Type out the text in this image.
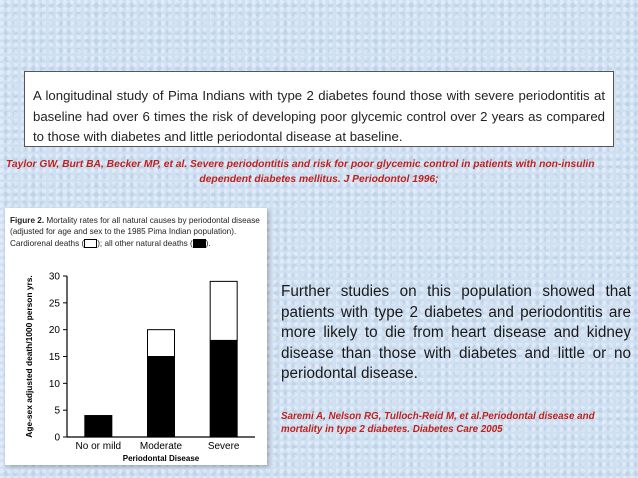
A longitudinal study of Pima Indians with type 2 diabetes found those with severe periodontitis at baseline had over 6 times the risk of developing poor glycemic control over 2 years as compared to those with diabetes and little periodontal disease at baseline.
Taylor GW, Burt BA, Becker MP, et al. Severe periodontitis and risk for poor glycemic control in patients with non-insulin
dependent diabetes mellitus. J Periodontol 1996;
Figure 2. Mortality rates for all natural causes by periodontal disease (adjusted for age and sex to the 1985 Pima Indian population). Cardiorenal deaths ( ); all other natural deaths ( ).
0
5
10
15
20
25
30
Age-sex adjusted death/1000 person yrs.
No or mild Moderate	Severe
Periodontal Disease
Further studies on this population showed that patients with type 2 diabetes and periodontitis are more likely to die from heart disease and kidney disease than those with diabetes and little or no periodontal disease.
Saremi A, Nelson RG, Tulloch-Reid M, et al.Periodontal disease and mortality in type 2 diabetes. Diabetes Care 2005
